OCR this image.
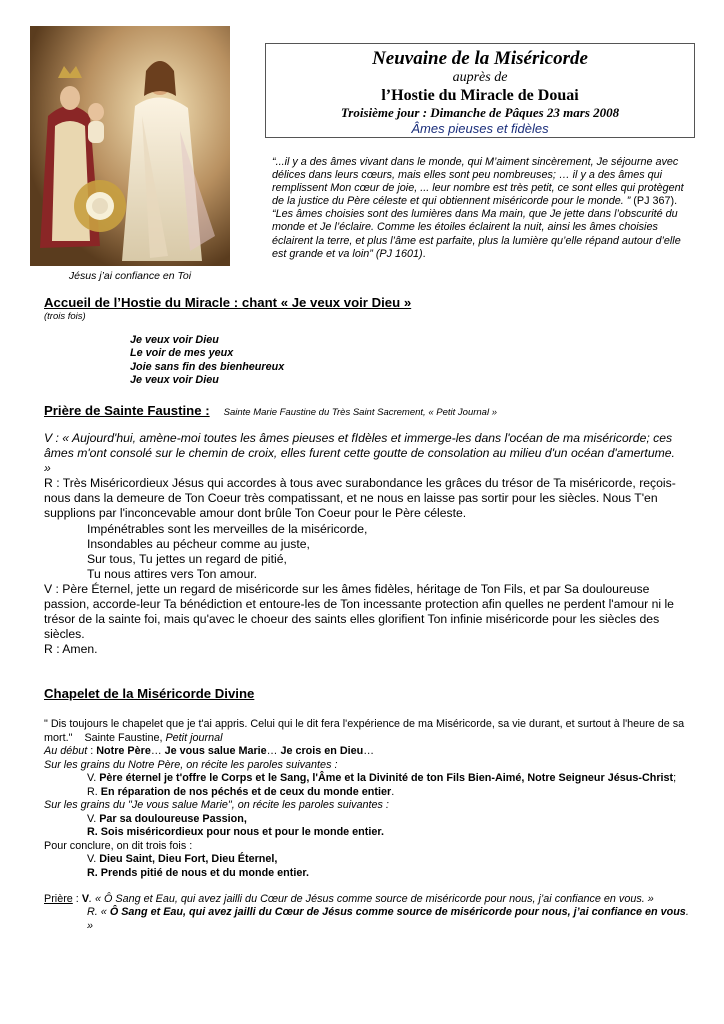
Jésus j’ai confiance en Toi
Neuvaine de la Miséricorde
auprès de
l’Hostie du Miracle de Douai
Troisième jour : Dimanche de Pâques 23 mars 2008
Âmes pieuses et fidèles
“...il y a des âmes vivant dans le monde, qui M’aiment sincèrement, Je séjourne avec délices dans leurs cœurs, mais elles sont peu nombreuses; … il y a des âmes qui remplissent Mon cœur de joie, ... leur nombre est très petit, ce sont elles qui protègent de la justice du Père céleste et qui obtiennent miséricorde pour le monde. ” (PJ 367). “Les âmes choisies sont des lumières dans Ma main, que Je jette dans l’obscurité du monde et Je l’éclaire. Comme les étoiles éclairent la nuit, ainsi les âmes choisies éclairent la terre, et plus l’âme est parfaite, plus la lumière qu’elle répand autour d’elle est grande et va loin” (PJ 1601).
Accueil de l’Hostie du Miracle : chant « Je veux voir Dieu »
(trois fois)
Je veux voir Dieu
Le voir de mes yeux
Joie sans fin des bienheureux
Je veux voir Dieu
Prière de Sainte Faustine : Sainte Marie Faustine du Très Saint Sacrement, « Petit Journal »
V : « Aujourd'hui, amène-moi toutes les âmes pieuses et fIdèles et immerge-les dans l'océan de ma miséricorde; ces âmes m'ont consolé sur le chemin de croix, elles furent cette goutte de consolation au milieu d'un océan d'amertume. »
R : Très Miséricordieux Jésus qui accordes à tous avec surabondance les grâces du trésor de Ta miséricorde, reçois-nous dans la demeure de Ton Coeur très compatissant, et ne nous en laisse pas sortir pour les siècles. Nous T'en supplions par l'inconcevable amour dont brûle Ton Coeur pour le Père céleste.
Impénétrables sont les merveilles de la miséricorde,
Insondables au pécheur comme au juste,
Sur tous, Tu jettes un regard de pitié,
Tu nous attires vers Ton amour.
V : Père Éternel, jette un regard de miséricorde sur les âmes fidèles, héritage de Ton Fils, et par Sa douloureuse passion, accorde-leur Ta bénédiction et entoure-les de Ton incessante protection afin quelles ne perdent l'amour ni le trésor de la sainte foi, mais qu'avec le choeur des saints elles glorifient Ton infinie miséricorde pour les siècles des siècles.
R : Amen.
Chapelet de la Miséricorde Divine
" Dis toujours le chapelet que je t'ai appris. Celui qui le dit fera l'expérience de ma Miséricorde, sa vie durant, et surtout à l'heure de sa mort." Sainte Faustine, Petit journal
Au début : Notre Père… Je vous salue Marie… Je crois en Dieu…
Sur les grains du Notre Père, on récite les paroles suivantes :
V. Père éternel je t'offre le Corps et le Sang, l'Âme et la Divinité de ton Fils Bien-Aimé, Notre Seigneur Jésus-Christ;
R. En réparation de nos péchés et de ceux du monde entier.
Sur les grains du "Je vous salue Marie", on récite les paroles suivantes :
V. Par sa douloureuse Passion,
R. Sois miséricordieux pour nous et pour le monde entier.
Pour conclure, on dit trois fois :
V. Dieu Saint, Dieu Fort, Dieu Éternel,
R. Prends pitié de nous et du monde entier.
Prière : V. « Ô Sang et Eau, qui avez jailli du Cœur de Jésus comme source de miséricorde pour nous, j’ai confiance en vous. »
R. « Ô Sang et Eau, qui avez jailli du Cœur de Jésus comme source de miséricorde pour nous, j’ai confiance en vous. »
